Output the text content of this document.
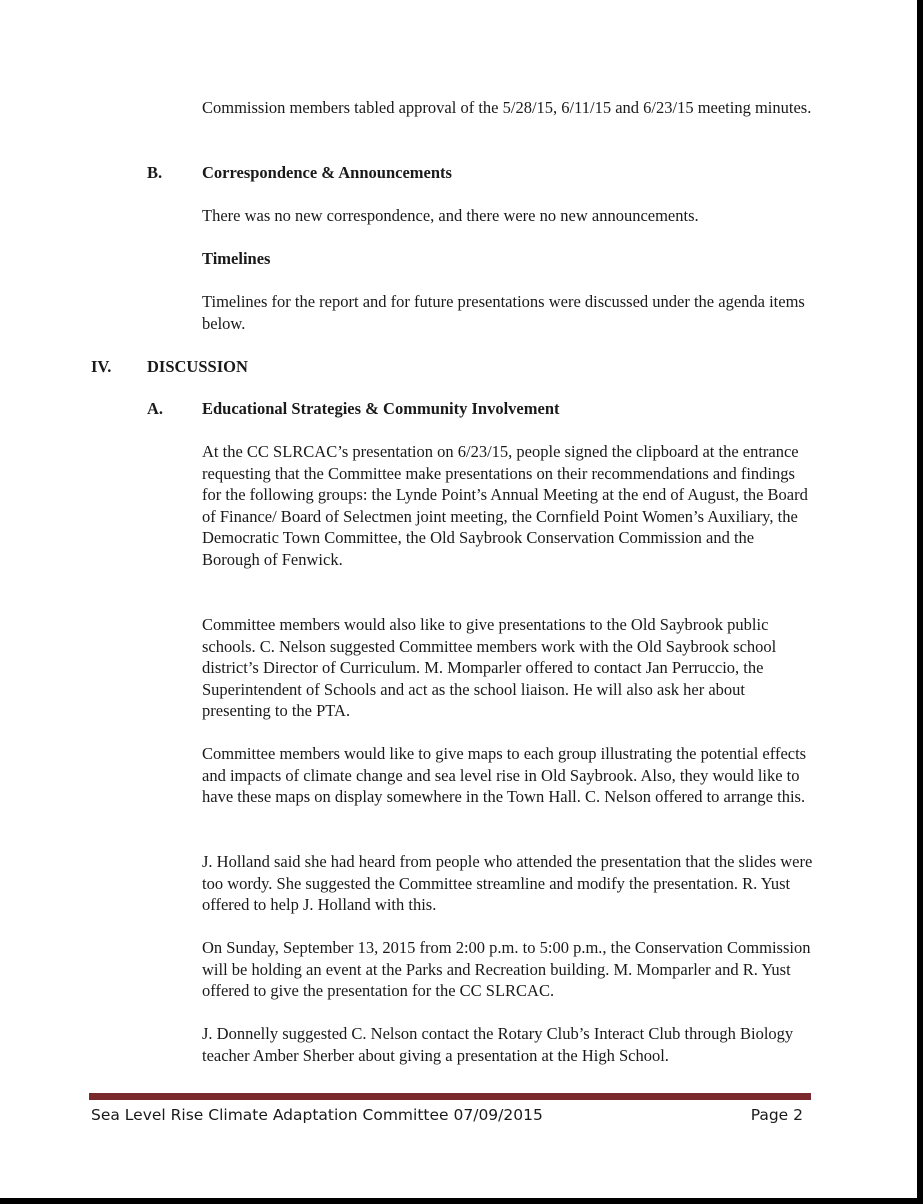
Commission members tabled approval of the 5/28/15, 6/11/15 and 6/23/15 meeting minutes.

B. Correspondence & Announcements

There was no new correspondence, and there were no new announcements.

Timelines

Timelines for the report and for future presentations were discussed under the agenda items below.

IV. DISCUSSION
A. Educational Strategies & Community Involvement

At the CC SLRCAC’s presentation on 6/23/15, people signed the clipboard at the entrance requesting that the Committee make presentations on their recommendations and findings for the following groups: the Lynde Point’s Annual Meeting at the end of August, the Board of Finance/ Board of Selectmen joint meeting, the Cornfield Point Women’s Auxiliary, the Democratic Town Committee, the Old Saybrook Conservation Commission and the Borough of Fenwick.

Committee members would also like to give presentations to the Old Saybrook public schools. C. Nelson suggested Committee members work with the Old Saybrook school district’s Director of Curriculum. M. Momparler offered to contact Jan Perruccio, the Superintendent of Schools and act as the school liaison. He will also ask her about presenting to the PTA.

Committee members would like to give maps to each group illustrating the potential effects and impacts of climate change and sea level rise in Old Saybrook. Also, they would like to have these maps on display somewhere in the Town Hall. C. Nelson offered to arrange this.

J. Holland said she had heard from people who attended the presentation that the slides were too wordy. She suggested the Committee streamline and modify the presentation. R. Yust offered to help J. Holland with this.

On Sunday, September 13, 2015 from 2:00 p.m. to 5:00 p.m., the Conservation Commission will be holding an event at the Parks and Recreation building. M. Momparler and R. Yust offered to give the presentation for the CC SLRCAC.

J. Donnelly suggested C. Nelson contact the Rotary Club’s Interact Club through Biology teacher Amber Sherber about giving a presentation at the High School.

Sea Level Rise Climate Adaptation Committee 07/09/2015	Page 2
